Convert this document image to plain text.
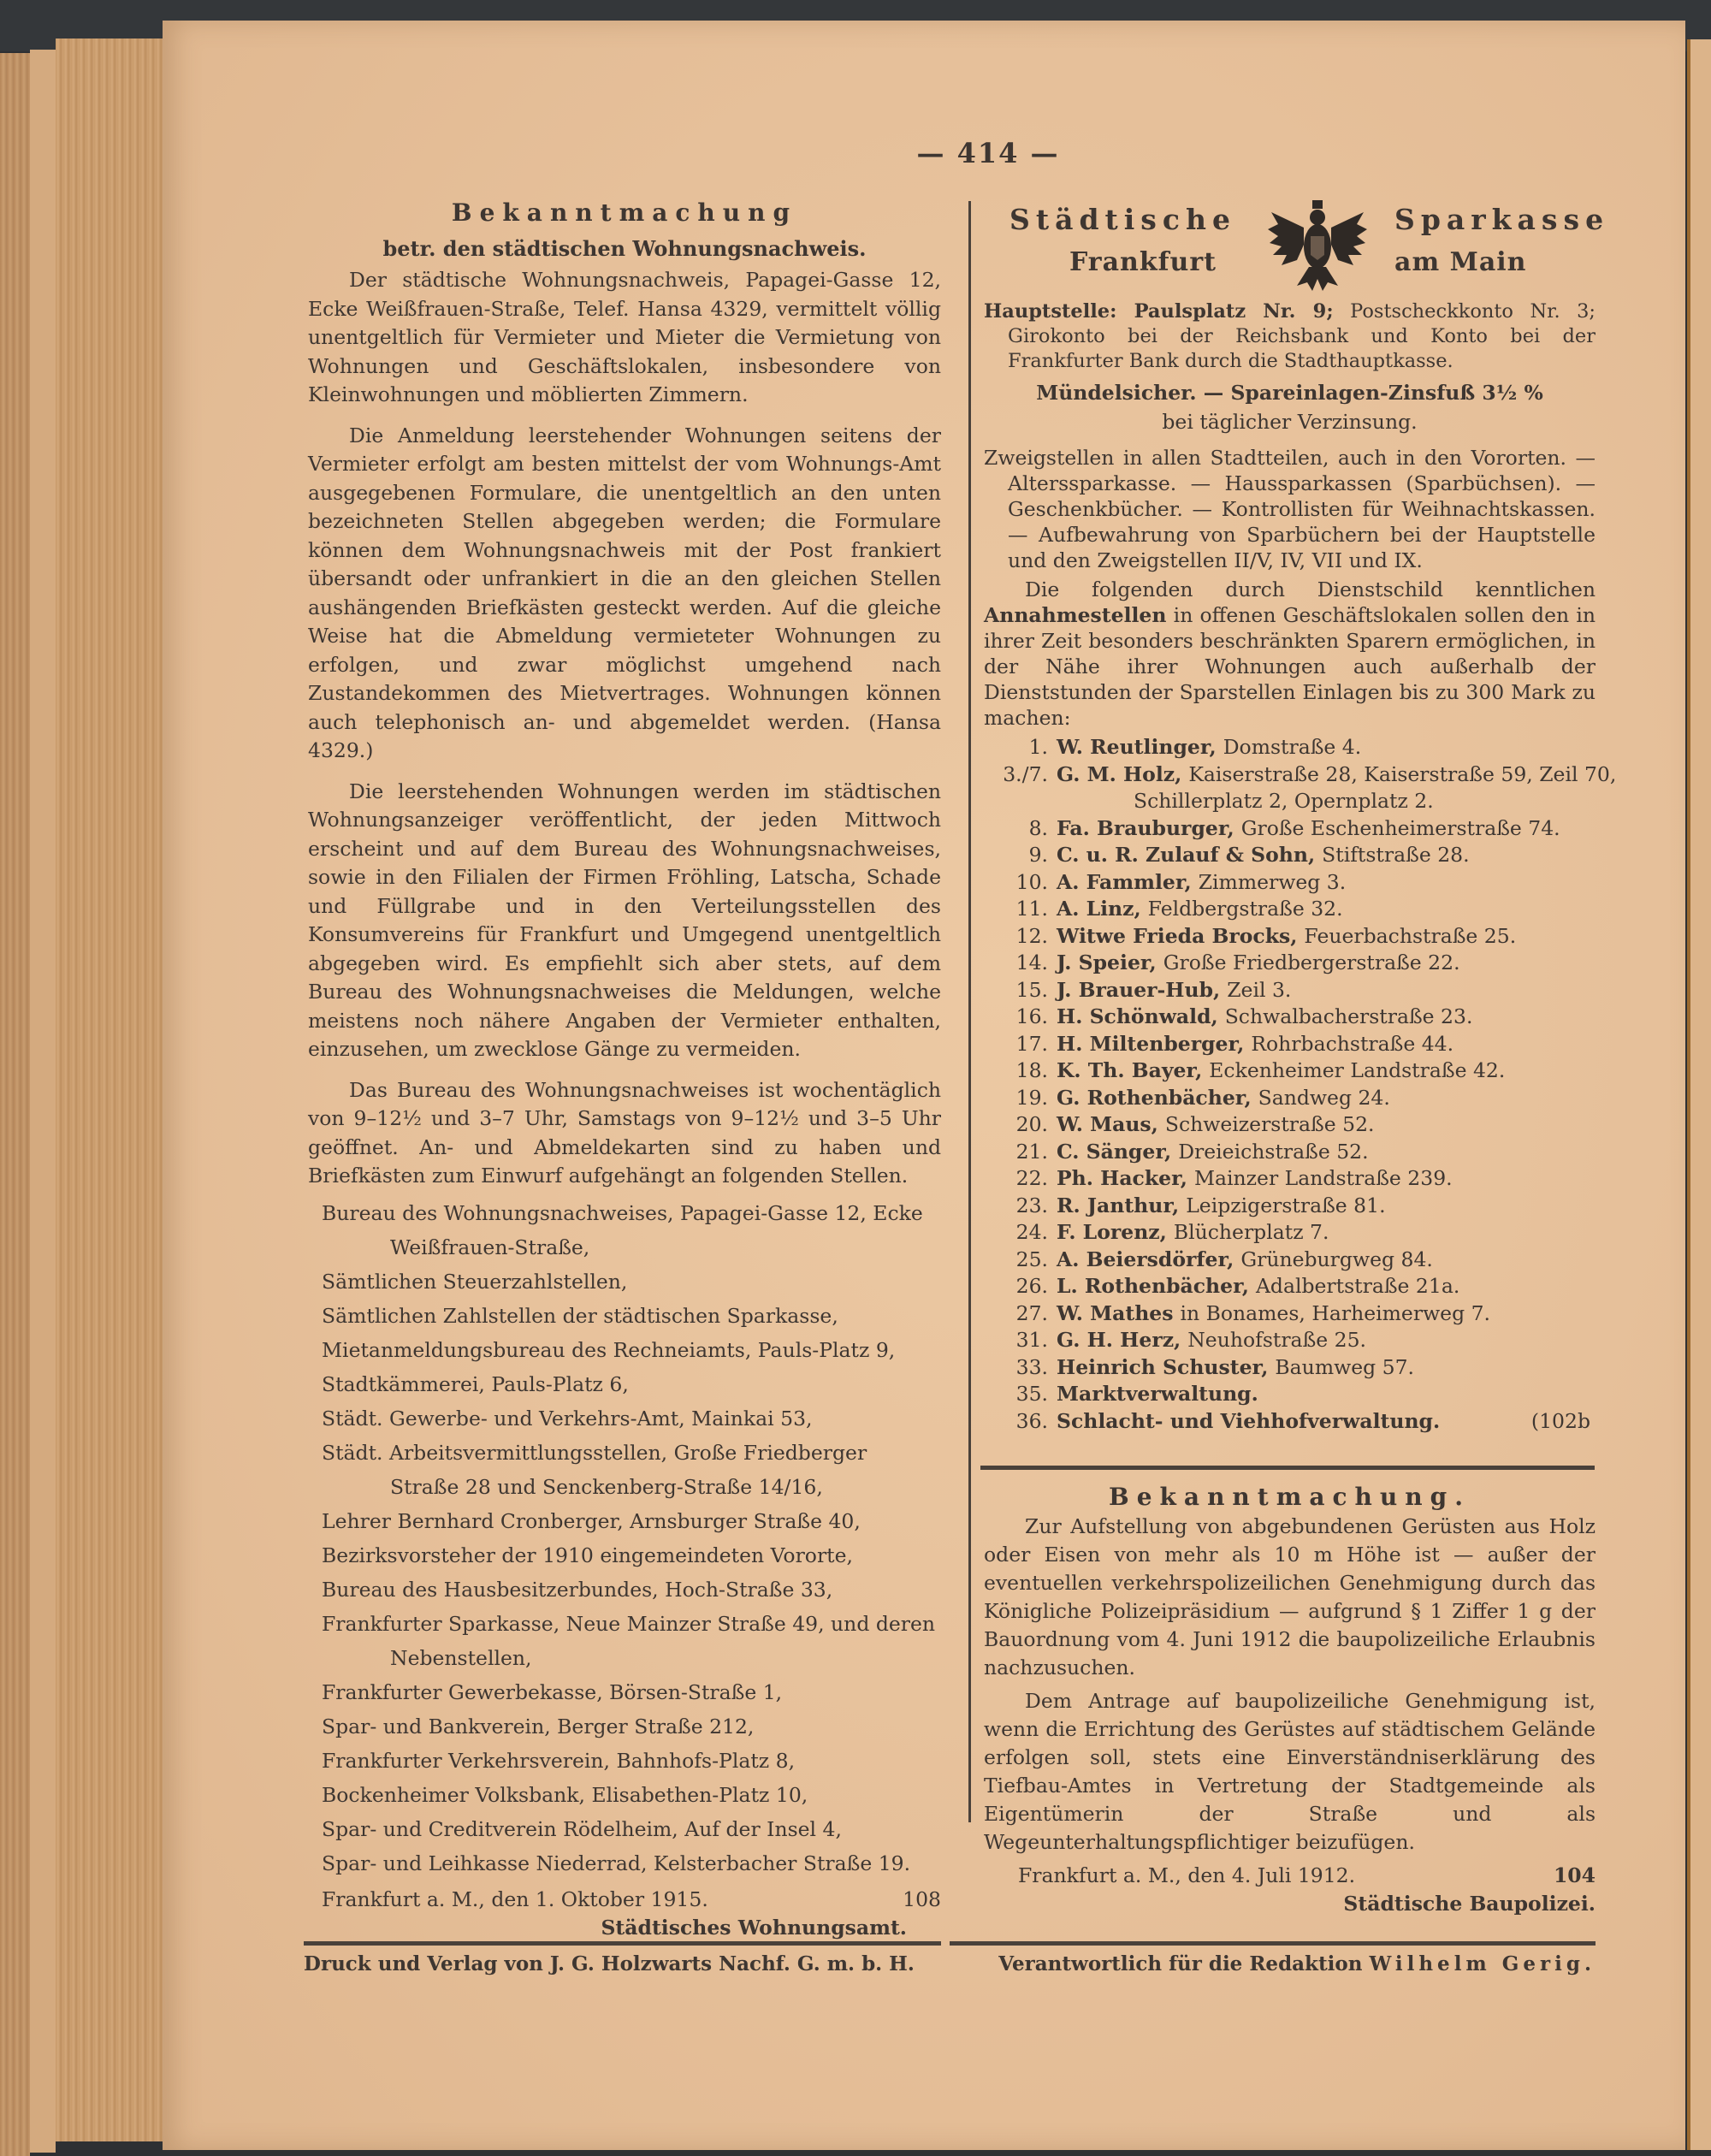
— 414 —
Bekanntmachung
betr. den städtischen Wohnungsnachweis.

Der städtische Wohnungsnachweis, Papagei-Gasse 12, Ecke Weißfrauen-Straße, Telef. Hansa 4329, vermittelt völlig unentgeltlich für Vermieter und Mieter die Vermietung von Wohnungen und Geschäftslokalen, insbesondere von Kleinwohnungen und möblierten Zimmern.

Die Anmeldung leerstehender Wohnungen seitens der Vermieter erfolgt am besten mittelst der vom Wohnungs-Amt ausgegebenen Formulare, die unentgeltlich an den unten bezeichneten Stellen abgegeben werden; die Formulare können dem Wohnungsnachweis mit der Post frankiert übersandt oder unfrankiert in die an den gleichen Stellen aushängenden Briefkästen gesteckt werden. Auf die gleiche Weise hat die Abmeldung vermieteter Wohnungen zu erfolgen, und zwar möglichst umgehend nach Zustandekommen des Mietvertrages. Wohnungen können auch telephonisch an- und abgemeldet werden. (Hansa 4329.)

Die leerstehenden Wohnungen werden im städtischen Wohnungsanzeiger veröffentlicht, der jeden Mittwoch erscheint und auf dem Bureau des Wohnungsnachweises, sowie in den Filialen der Firmen Fröhling, Latscha, Schade und Füllgrabe und in den Verteilungsstellen des Konsumvereins für Frankfurt und Umgegend unentgeltlich abgegeben wird. Es empfiehlt sich aber stets, auf dem Bureau des Wohnungsnachweises die Meldungen, welche meistens noch nähere Angaben der Vermieter enthalten, einzusehen, um zwecklose Gänge zu vermeiden.

Das Bureau des Wohnungsnachweises ist wochentäglich von 9–12½ und 3–7 Uhr, Samstags von 9–12½ und 3–5 Uhr geöffnet. An- und Abmeldekarten sind zu haben und Briefkästen zum Einwurf aufgehängt an folgenden Stellen.

Bureau des Wohnungsnachweises, Papagei-Gasse 12, Ecke Weißfrauen-Straße,
Sämtlichen Steuerzahlstellen,
Sämtlichen Zahlstellen der städtischen Sparkasse,
Mietanmeldungsbureau des Rechneiamts, Pauls-Platz 9,
Stadtkämmerei, Pauls-Platz 6,
Städt. Gewerbe- und Verkehrs-Amt, Mainkai 53,
Städt. Arbeitsvermittlungsstellen, Große Friedberger Straße 28 und Senckenberg-Straße 14/16,
Lehrer Bernhard Cronberger, Arnsburger Straße 40,
Bezirksvorsteher der 1910 eingemeindeten Vororte,
Bureau des Hausbesitzerbundes, Hoch-Straße 33,
Frankfurter Sparkasse, Neue Mainzer Straße 49, und deren Nebenstellen,
Frankfurter Gewerbekasse, Börsen-Straße 1,
Spar- und Bankverein, Berger Straße 212,
Frankfurter Verkehrsverein, Bahnhofs-Platz 8,
Bockenheimer Volksbank, Elisabethen-Platz 10,
Spar- und Creditverein Rödelheim, Auf der Insel 4,
Spar- und Leihkasse Niederrad, Kelsterbacher Straße 19.
Frankfurt a. M., den 1. Oktober 1915.	108
Städtisches Wohnungsamt.
Städtische
Frankfurt
Sparkasse
am Main

Hauptstelle: Paulsplatz Nr. 9; Postscheckkonto Nr. 3; Girokonto bei der Reichsbank und Konto bei der Frankfurter Bank durch die Stadthauptkasse.

Mündelsicher. — Spareinlagen-Zinsfuß 3½ %

bei täglicher Verzinsung.

Zweigstellen in allen Stadtteilen, auch in den Vororten. — Alterssparkasse. — Haussparkassen (Sparbüchsen). — Geschenkbücher. — Kontrollisten für Weihnachtskassen. — Aufbewahrung von Sparbüchern bei der Hauptstelle und den Zweigstellen II/V, IV, VII und IX.

Die folgenden durch Dienstschild kenntlichen Annahmestellen in offenen Geschäftslokalen sollen den in ihrer Zeit besonders beschränkten Sparern ermöglichen, in der Nähe ihrer Wohnungen auch außerhalb der Dienststunden der Sparstellen Einlagen bis zu 300 Mark zu machen:

1. W. Reutlinger, Domstraße 4.
3./7. G. M. Holz, Kaiserstraße 28, Kaiserstraße 59, Zeil 70,
Schillerplatz 2, Opernplatz 2.
8. Fa. Brauburger, Große Eschenheimerstraße 74.
9. C. u. R. Zulauf & Sohn, Stiftstraße 28.
10. A. Fammler, Zimmerweg 3.
11. A. Linz, Feldbergstraße 32.
12. Witwe Frieda Brocks, Feuerbachstraße 25.
14. J. Speier, Große Friedbergerstraße 22.
15. J. Brauer-Hub, Zeil 3.
16. H. Schönwald, Schwalbacherstraße 23.
17. H. Miltenberger, Rohrbachstraße 44.
18. K. Th. Bayer, Eckenheimer Landstraße 42.
19. G. Rothenbächer, Sandweg 24.
20. W. Maus, Schweizerstraße 52.
21. C. Sänger, Dreieichstraße 52.
22. Ph. Hacker, Mainzer Landstraße 239.
23. R. Janthur, Leipzigerstraße 81.
24. F. Lorenz, Blücherplatz 7.
25. A. Beiersdörfer, Grüneburgweg 84.
26. L. Rothenbächer, Adalbertstraße 21a.
27. W. Mathes in Bonames, Harheimerweg 7.
31. G. H. Herz, Neuhofstraße 25.
33. Heinrich Schuster, Baumweg 57.
35. Marktverwaltung.
36. Schlacht- und Viehhofverwaltung.	(102b
Bekanntmachung.

Zur Aufstellung von abgebundenen Gerüsten aus Holz oder Eisen von mehr als 10 m Höhe ist — außer der eventuellen verkehrspolizeilichen Genehmigung durch das Königliche Polizeipräsidium — aufgrund § 1 Ziffer 1 g der Bauordnung vom 4. Juni 1912 die baupolizeiliche Erlaubnis nachzusuchen.

Dem Antrage auf baupolizeiliche Genehmigung ist, wenn die Errichtung des Gerüstes auf städtischem Gelände erfolgen soll, stets eine Einverständniserklärung des Tiefbau-Amtes in Vertretung der Stadtgemeinde als Eigentümerin der Straße und als Wegeunterhaltungspflichtiger beizufügen.

Frankfurt a. M., den 4. Juli 1912.	104
Städtische Baupolizei.
Druck und Verlag von J. G. Holzwarts Nachf. G. m. b. H.	Verantwortlich für die Redaktion Wilhelm Gerig.
